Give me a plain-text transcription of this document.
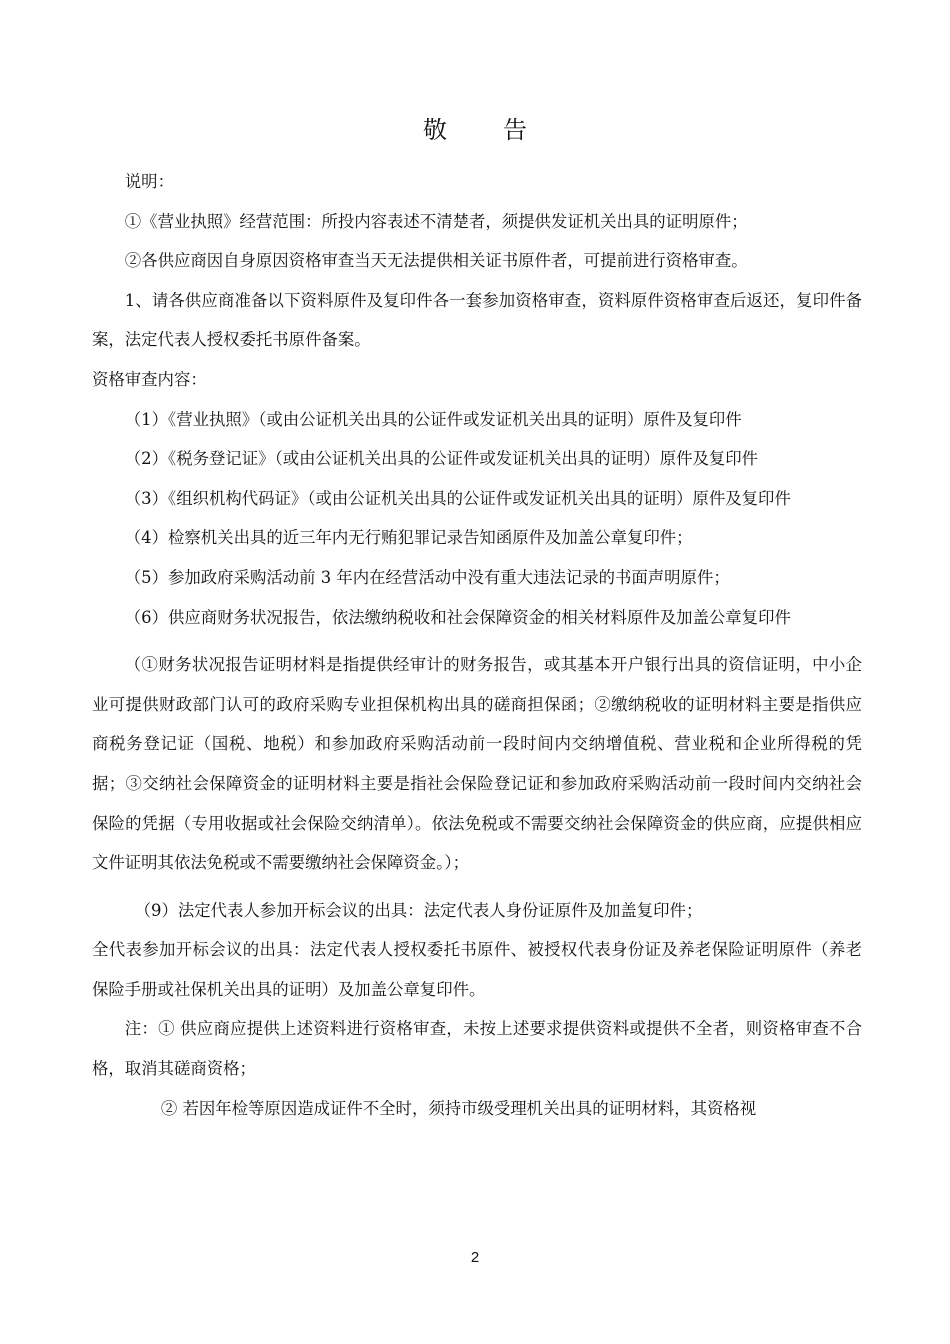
敬告

说明：

①《营业执照》经营范围：所投内容表述不清楚者，须提供发证机关出具的证明原件；

②各供应商因自身原因资格审查当天无法提供相关证书原件者，可提前进行资格审查。

1、请各供应商准备以下资料原件及复印件各一套参加资格审查，资料原件资格审查后返还，复印件备案，法定代表人授权委托书原件备案。

资格审查内容：

（1）《营业执照》（或由公证机关出具的公证件或发证机关出具的证明）原件及复印件

（2）《税务登记证》（或由公证机关出具的公证件或发证机关出具的证明）原件及复印件

（3）《组织机构代码证》（或由公证机关出具的公证件或发证机关出具的证明）原件及复印件

（4）检察机关出具的近三年内无行贿犯罪记录告知函原件及加盖公章复印件；

（5）参加政府采购活动前 3 年内在经营活动中没有重大违法记录的书面声明原件；

（6）供应商财务状况报告，依法缴纳税收和社会保障资金的相关材料原件及加盖公章复印件

（①财务状况报告证明材料是指提供经审计的财务报告，或其基本开户银行出具的资信证明，中小企业可提供财政部门认可的政府采购专业担保机构出具的磋商担保函；②缴纳税收的证明材料主要是指供应商税务登记证（国税、地税）和参加政府采购活动前一段时间内交纳增值税、营业税和企业所得税的凭据；③交纳社会保障资金的证明材料主要是指社会保险登记证和参加政府采购活动前一段时间内交纳社会保险的凭据（专用收据或社会保险交纳清单）。依法免税或不需要交纳社会保障资金的供应商，应提供相应文件证明其依法免税或不需要缴纳社会保障资金。）；

（9）法定代表人参加开标会议的出具：法定代表人身份证原件及加盖复印件；

全代表参加开标会议的出具：法定代表人授权委托书原件、被授权代表身份证及养老保险证明原件（养老保险手册或社保机关出具的证明）及加盖公章复印件。

注：① 供应商应提供上述资料进行资格审查，未按上述要求提供资料或提供不全者，则资格审查不合格，取消其磋商资格；

② 若因年检等原因造成证件不全时，须持市级受理机关出具的证明材料，其资格视

2
